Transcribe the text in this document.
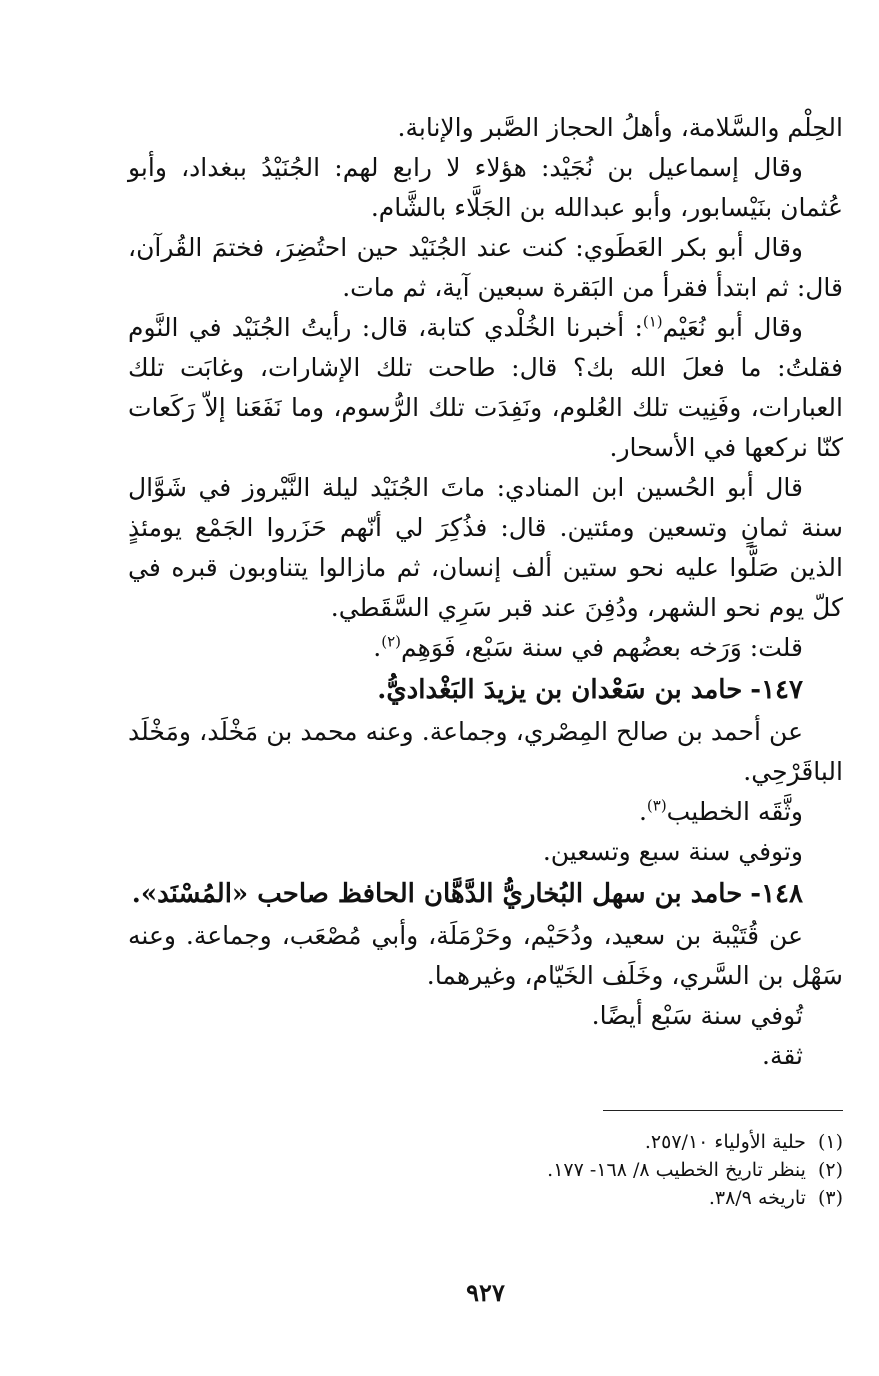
الحِلْم والسَّلامة، وأهلُ الحجاز الصَّبر والإنابة.

وقال إسماعيل بن نُجَيْد: هؤلاء لا رابع لهم: الجُنَيْدُ ببغداد، وأبو عُثمان بنَيْسابور، وأبو عبدالله بن الجَلَّاء بالشَّام.

وقال أبو بكر العَطَوي: كنت عند الجُنَيْد حين احتُضِرَ، فختمَ القُرآن، قال: ثم ابتدأ فقرأ من البَقرة سبعين آية، ثم مات.

وقال أبو نُعَيْم$^{(١)}$: أخبرنا الخُلْدي كتابة، قال: رأيتُ الجُنَيْد في النَّوم فقلتُ: ما فعلَ الله بك؟ قال: طاحت تلك الإشارات، وغابَت تلك العبارات، وفَنِيت تلك العُلوم، ونَفِدَت تلك الرُّسوم، وما نَفَعَنا إلاّ رَكَعات كنّا نركعها في الأسحار.

قال أبو الحُسين ابن المنادي: ماتَ الجُنَيْد ليلة النَّيْروز في شَوَّال سنة ثمانٍ وتسعين ومئتين. قال: فذُكِرَ لي أنّهم حَزَروا الجَمْع يومئذٍ الذين صَلَّوا عليه نحو ستين ألف إنسان، ثم مازالوا يتناوبون قبره في كلّ يوم نحو الشهر، ودُفِنَ عند قبر سَرِي السَّقَطي.

قلت: وَرَخه بعضُهم في سنة سَبْع، فَوَهِم$^{(٢)}$.

١٤٧-حامد بن سَعْدان بن يزيدَ البَغْداديُّ.

عن أحمد بن صالح المِصْري، وجماعة. وعنه محمد بن مَخْلَد، ومَخْلَد الباقَرْحِي.

وثَّقَه الخطيب$^{(٣)}$.

وتوفي سنة سبع وتسعين.

١٤٨-حامد بن سهل البُخاريُّ الدَّهَّان الحافظ صاحب «المُسْنَد».

عن قُتَيْبة بن سعيد، ودُحَيْم، وحَرْمَلَة، وأبي مُصْعَب، وجماعة. وعنه سَهْل بن السَّري، وخَلَف الخَيّام، وغيرهما.

تُوفي سنة سَبْع أيضًا.

ثقة.

(١)حلية الأولياء ٢٥٧/١٠.

(٢)ينظر تاريخ الخطيب ٨/ ١٦٨- ١٧٧.

(٣)تاريخه ٣٨/٩.

٩٢٧
